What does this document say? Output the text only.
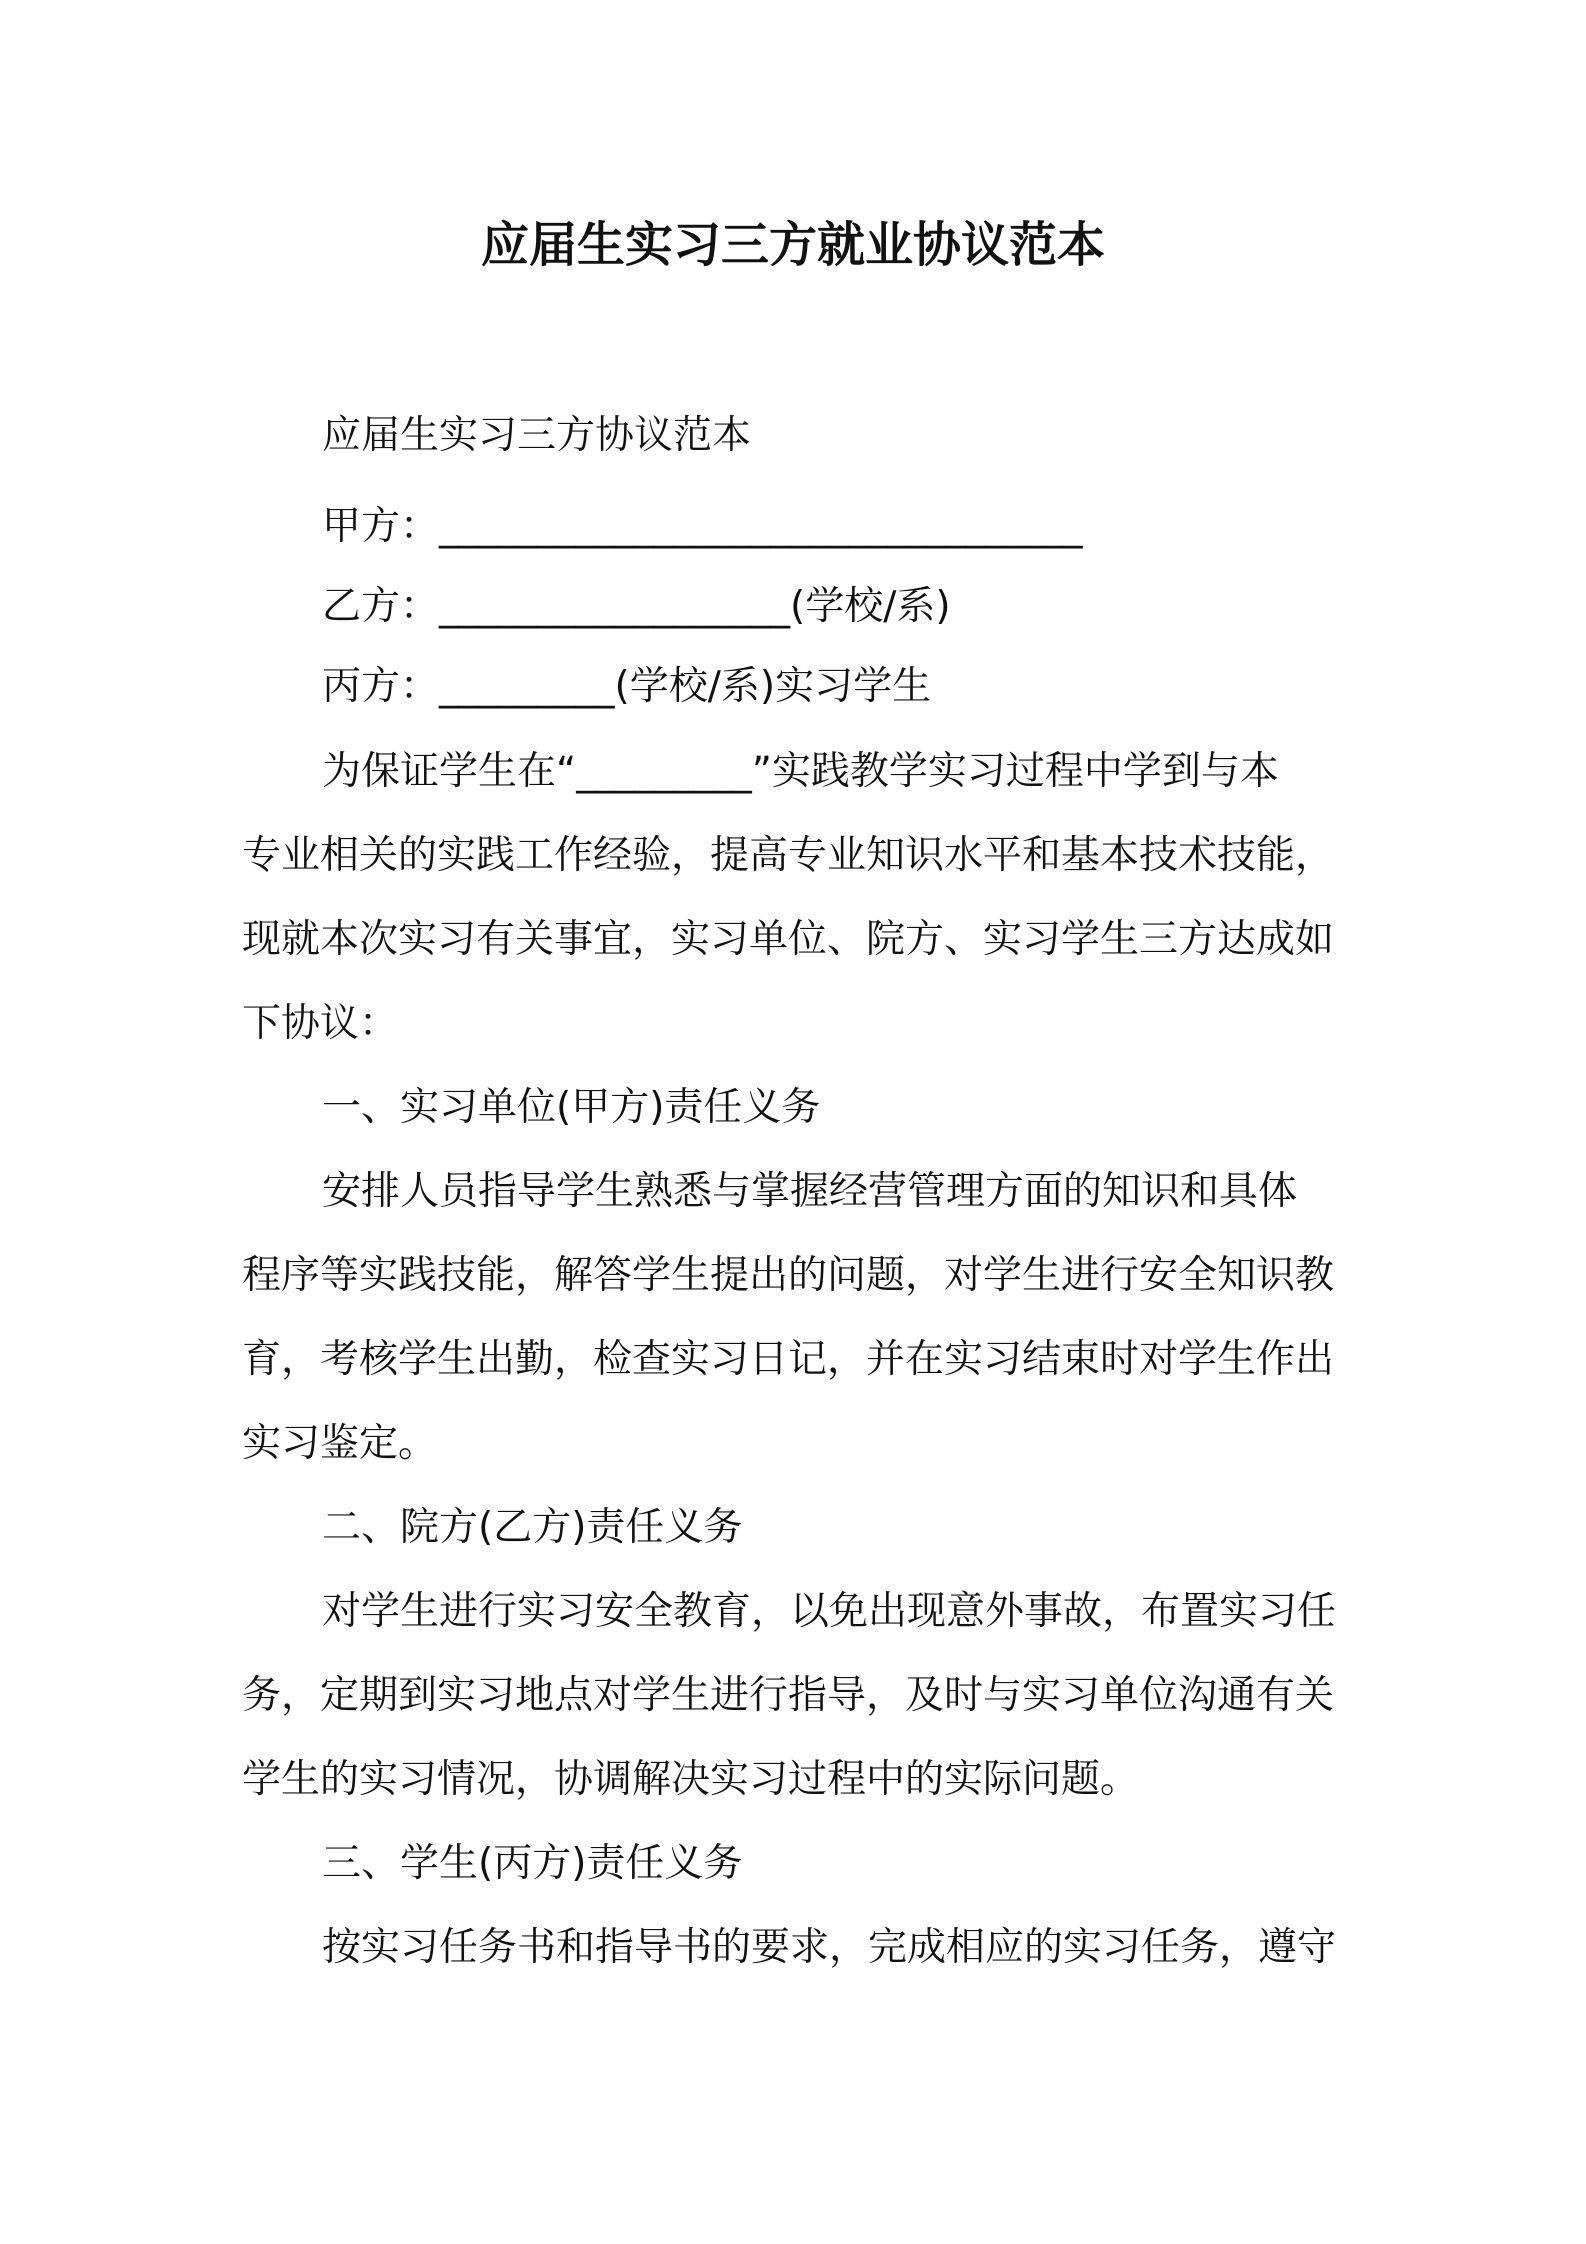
应届生实习三方就业协议范本
应届生实习三方协议范本
甲方：_________________________________
乙方：__________________(学校/系)
丙方：_________(学校/系)实习学生
为保证学生在“_________”实践教学实习过程中学到与本
专业相关的实践工作经验，提高专业知识水平和基本技术技能，
现就本次实习有关事宜，实习单位、院方、实习学生三方达成如
下协议：
一、实习单位(甲方)责任义务
安排人员指导学生熟悉与掌握经营管理方面的知识和具体
程序等实践技能，解答学生提出的问题，对学生进行安全知识教
育，考核学生出勤，检查实习日记，并在实习结束时对学生作出
实习鉴定。
二、院方(乙方)责任义务
对学生进行实习安全教育，以免出现意外事故，布置实习任
务，定期到实习地点对学生进行指导，及时与实习单位沟通有关
学生的实习情况，协调解决实习过程中的实际问题。
三、学生(丙方)责任义务
按实习任务书和指导书的要求，完成相应的实习任务，遵守
